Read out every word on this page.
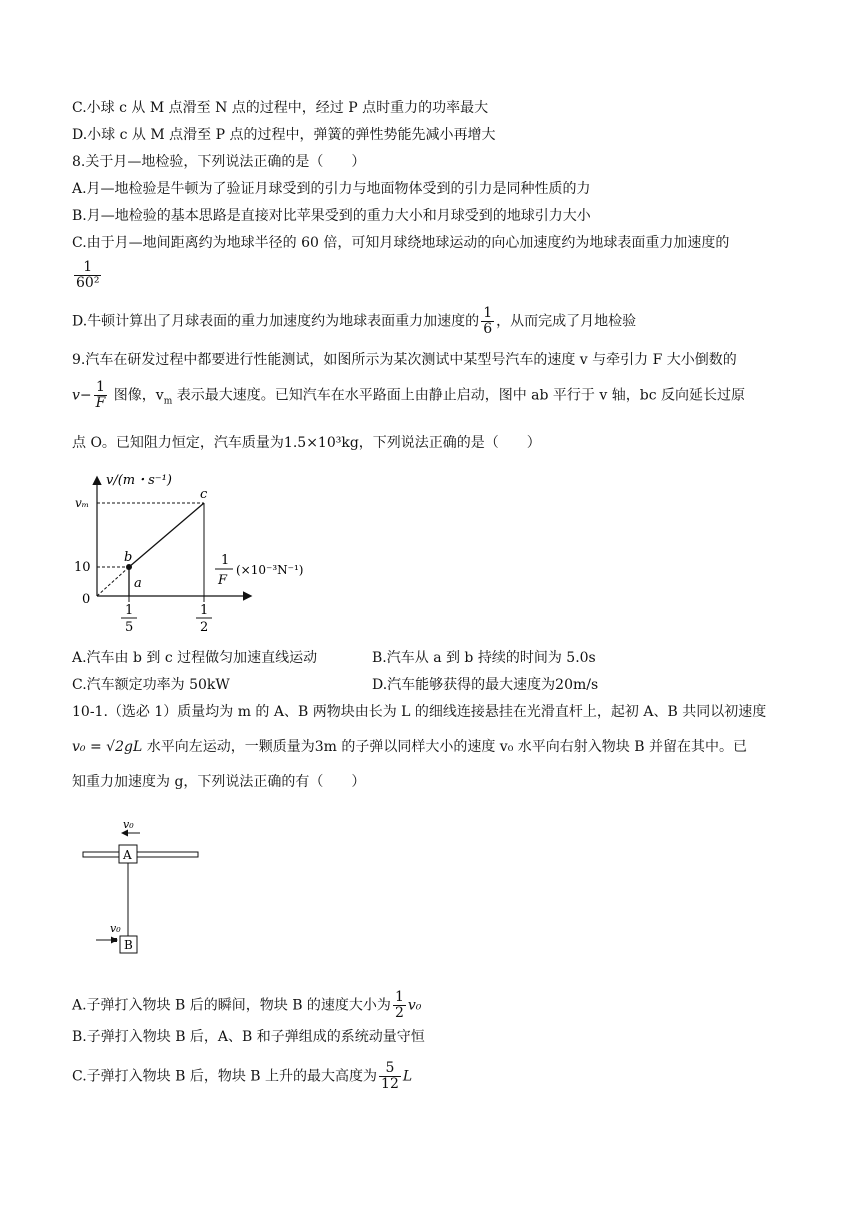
C.小球 c 从 M 点滑至 N 点的过程中，经过 P 点时重力的功率最大
D.小球 c 从 M 点滑至 P 点的过程中，弹簧的弹性势能先减小再增大
8.关于月—地检验，下列说法正确的是（　　）
A.月—地检验是牛顿为了验证月球受到的引力与地面物体受到的引力是同种性质的力
B.月—地检验的基本思路是直接对比苹果受到的重力大小和月球受到的地球引力大小
C.由于月—地间距离约为地球半径的 60 倍，可知月球绕地球运动的向心加速度约为地球表面重力加速度的
$\frac{1}{\text{60²}}$
D.牛顿计算出了月球表面的重力加速度约为地球表面重力加速度的 $\frac{1}{6}$ ，从而完成了月地检验
9.汽车在研发过程中都要进行性能测试，如图所示为某次测试中某型号汽车的速度 v 与牵引力 F 大小倒数的
$v- \frac{1}{F}$ 图像，$v_m$ 表示最大速度。已知汽车在水平路面上由静止启动，图中 ab 平行于 v 轴，bc 反向延长过原
点 O。已知阻力恒定，汽车质量为1.5×10³kg，下列说法正确的是（　　）
v/(m・s⁻¹)
vₘ
10
0
a
b
c
1
F
(×10⁻³N⁻¹)
1
5
1
2
A.汽车由 b 到 c 过程做匀加速直线运动	B.汽车从 a 到 b 持续的时间为 5.0s
C.汽车额定功率为 50kW	D.汽车能够获得的最大速度为20m/s
10-1.（选必 1）质量均为 m 的 A、B 两物块由长为 L 的细线连接悬挂在光滑直杆上，起初 A、B 共同以初速度
v₀ = √2gL 水平向左运动，一颗质量为3m 的子弹以同样大小的速度 v₀ 水平向右射入物块 B 并留在其中。已
知重力加速度为 g，下列说法正确的有（　　）
v₀
A
v₀
B
A.子弹打入物块 B 后的瞬间，物块 B 的速度大小为 $\frac{1}{2} v_0$
B.子弹打入物块 B 后，A、B 和子弹组成的系统动量守恒
C.子弹打入物块 B 后，物块 B 上升的最大高度为 $\frac{5}{12}$ L
